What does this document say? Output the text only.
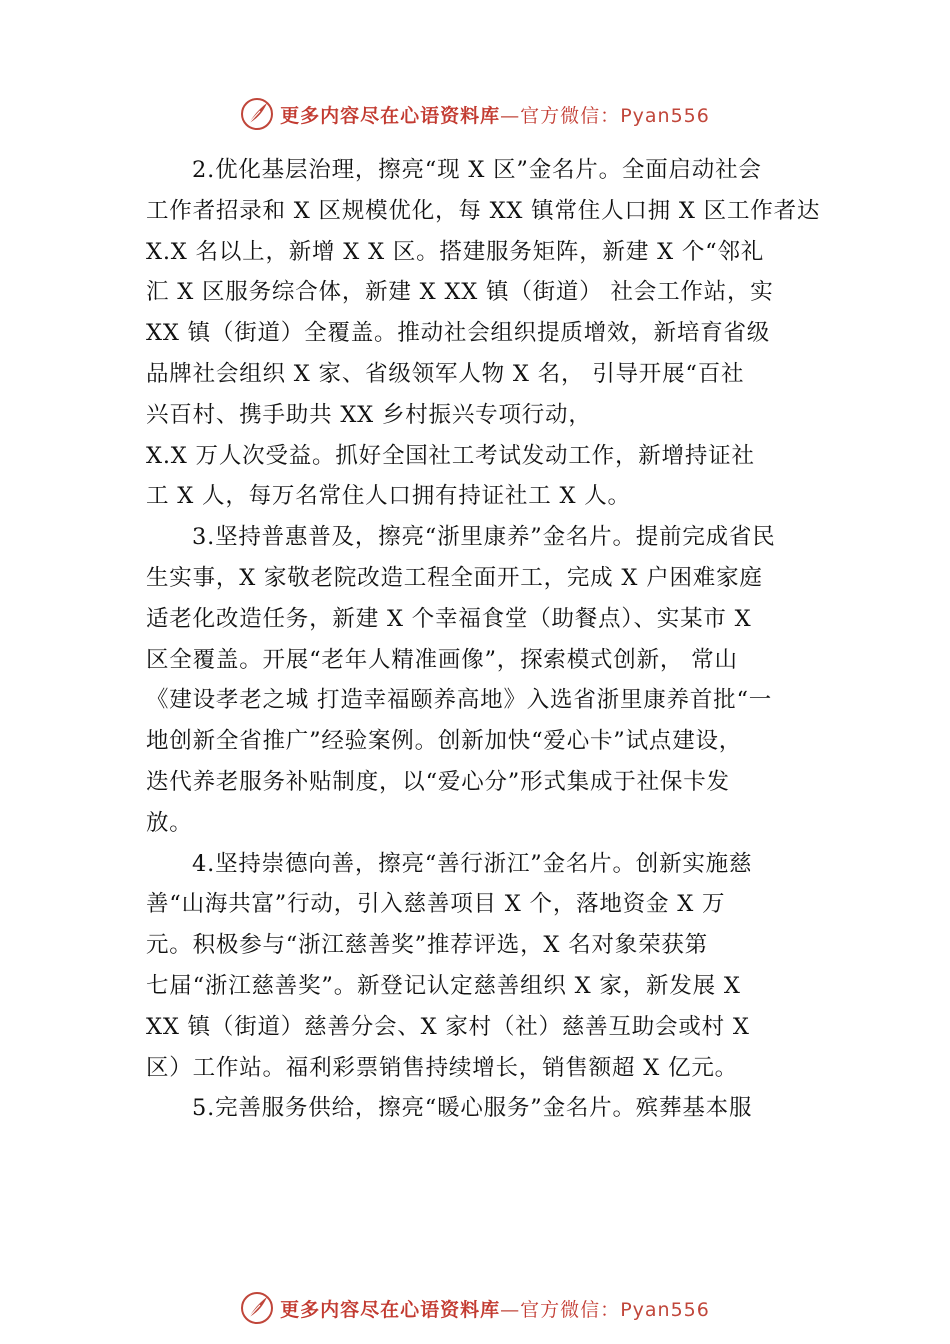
更多内容尽在心语资料库—官方微信：Pyan556
2.优化基层治理，擦亮“现 X 区”金名片。全面启动社会
工作者招录和 X 区规模优化，每 XX 镇常住人口拥 X 区工作者达
X.X 名以上，新增 X X 区。搭建服务矩阵，新建 X 个“邻礼
汇 X 区服务综合体，新建 X XX 镇（街道） 社会工作站，实
XX 镇（街道）全覆盖。推动社会组织提质增效，新培育省级
品牌社会组织 X 家、省级领军人物 X 名， 引导开展“百社
兴百村、携手助共 XX 乡村振兴专项行动，
X.X 万人次受益。抓好全国社工考试发动工作，新增持证社
工 X 人，每万名常住人口拥有持证社工 X 人。
3.坚持普惠普及，擦亮“浙里康养”金名片。提前完成省民
生实事，X 家敬老院改造工程全面开工，完成 X 户困难家庭
适老化改造任务，新建 X 个幸福食堂（助餐点）、实某市 X
区全覆盖。开展“老年人精准画像”，探索模式创新， 常山
《建设孝老之城 打造幸福颐养高地》入选省浙里康养首批“一
地创新全省推广”经验案例。创新加快“爱心卡”试点建设，
迭代养老服务补贴制度，以“爱心分”形式集成于社保卡发
放。
4.坚持崇德向善，擦亮“善行浙江”金名片。创新实施慈
善“山海共富”行动，引入慈善项目 X 个，落地资金 X 万
元。积极参与“浙江慈善奖”推荐评选，X 名对象荣获第
七届“浙江慈善奖”。新登记认定慈善组织 X 家，新发展 X
XX 镇（街道）慈善分会、X 家村（社）慈善互助会或村 X
区）工作站。福利彩票销售持续增长，销售额超 X 亿元。
5.完善服务供给，擦亮“暖心服务”金名片。殡葬基本服
更多内容尽在心语资料库—官方微信：Pyan556
